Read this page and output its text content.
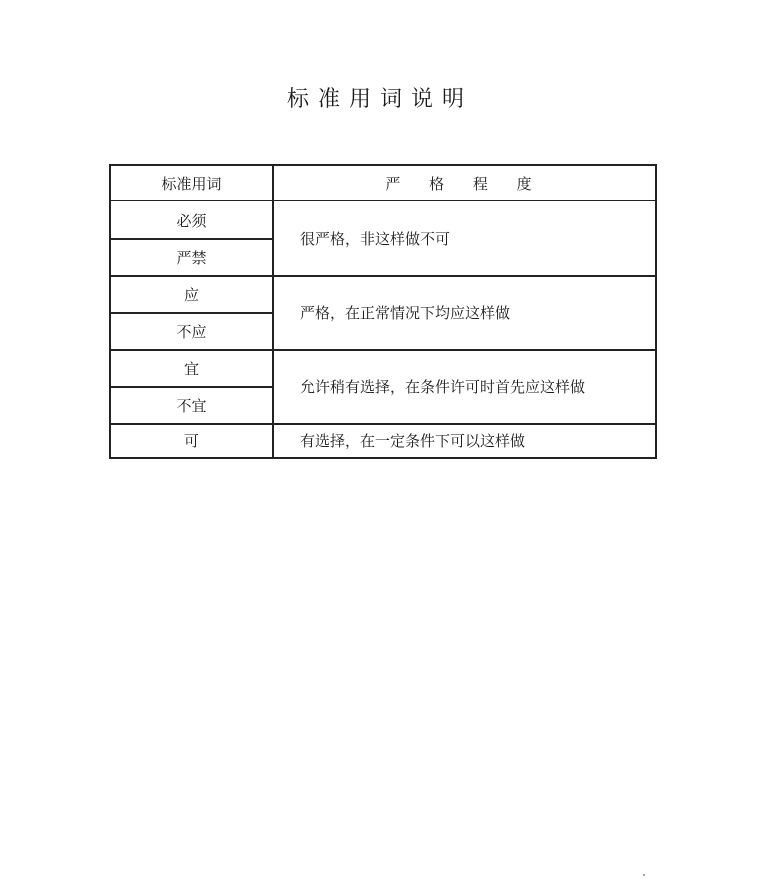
标准用词说明
标准用词	严 格 程 度
必须
严禁
很严格，非这样做不可
应
不应
严格，在正常情况下均应这样做
宜
不宜
允许稍有选择，在条件许可时首先应这样做
可	有选择，在一定条件下可以这样做
